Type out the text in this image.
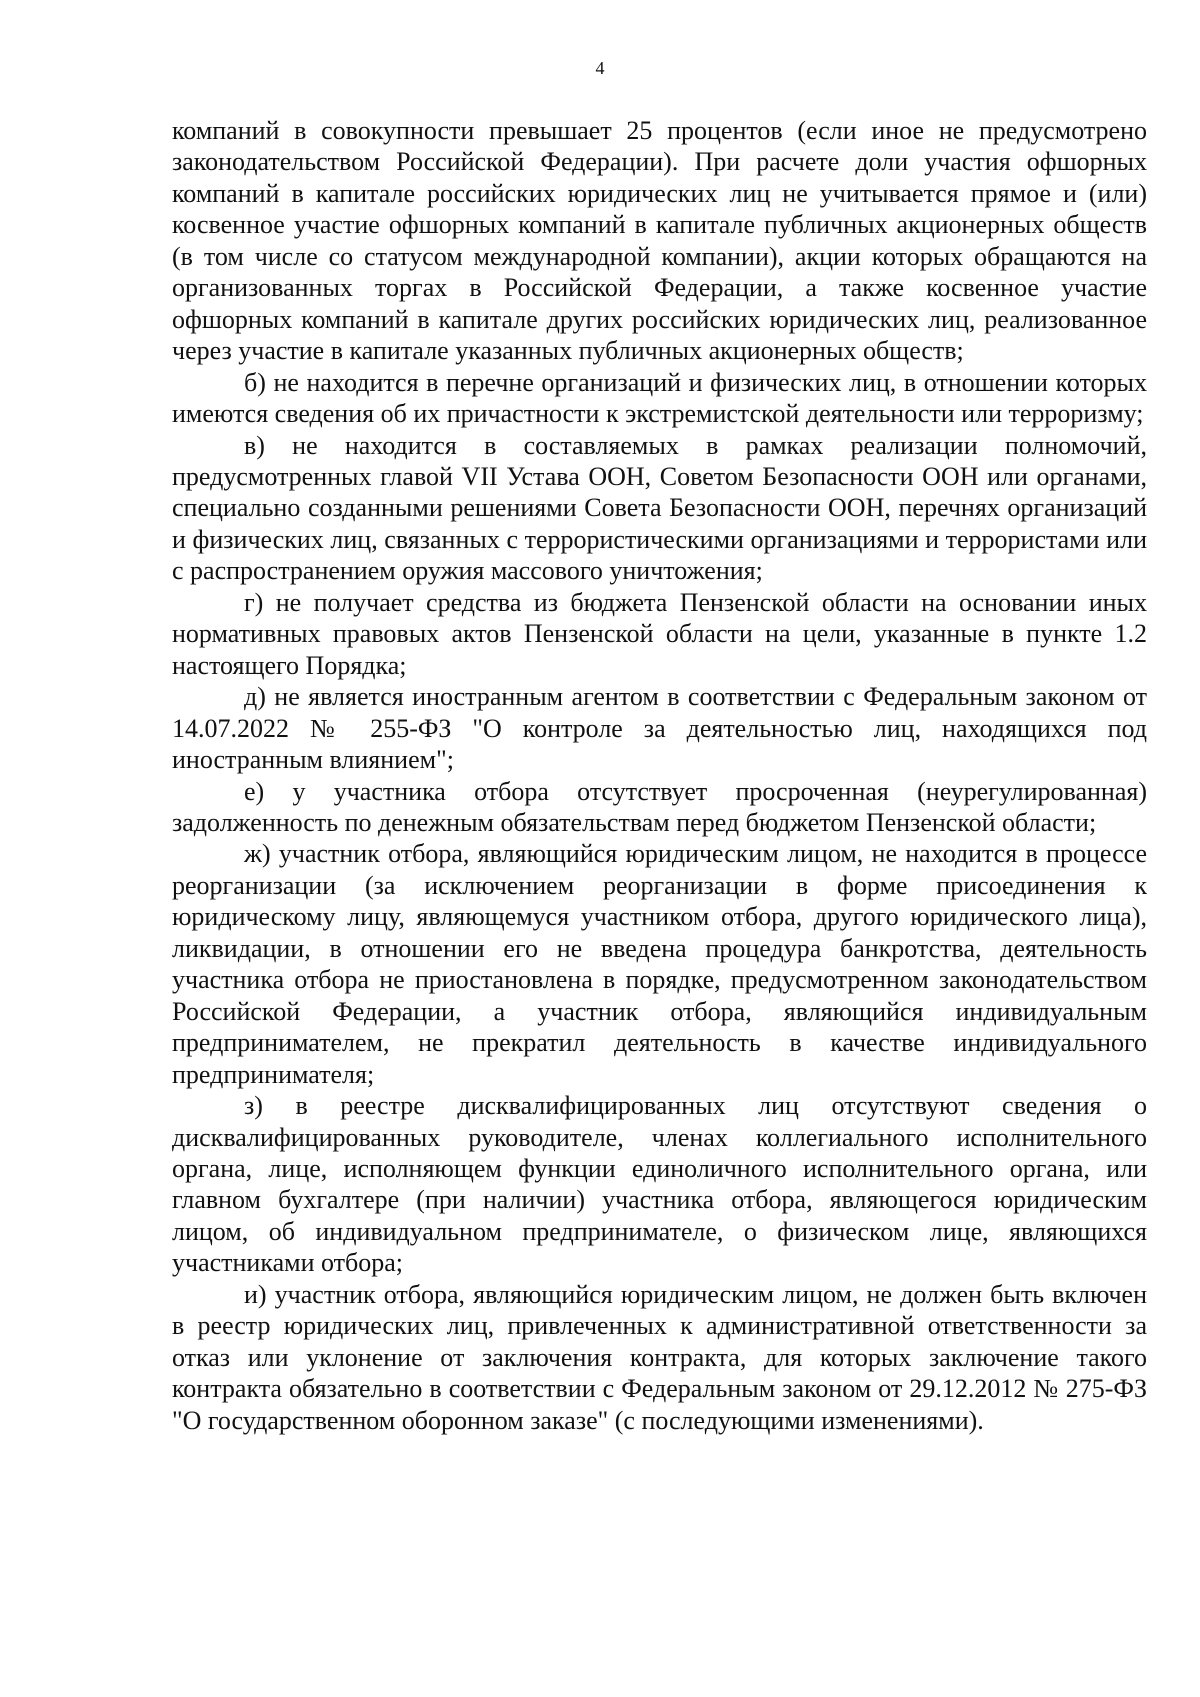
4

компаний в совокупности превышает 25 процентов (если иное не предусмотрено законодательством Российской Федерации). При расчете доли участия офшорных компаний в капитале российских юридических лиц не учитывается прямое и (или) косвенное участие офшорных компаний в капитале публичных акционерных обществ (в том числе со статусом международной компании), акции которых обращаются на организованных торгах в Российской Федерации, а также косвенное участие офшорных компаний в капитале других российских юридических лиц, реализованное через участие в капитале указанных публичных акционерных обществ;

б) не находится в перечне организаций и физических лиц, в отношении которых имеются сведения об их причастности к экстремистской деятельности или терроризму;

в) не находится в составляемых в рамках реализации полномочий, предусмотренных главой VII Устава ООН, Советом Безопасности ООН или органами, специально созданными решениями Совета Безопасности ООН, перечнях организаций и физических лиц, связанных с террористическими организациями и террористами или с распространением оружия массового уничтожения;

г) не получает средства из бюджета Пензенской области на основании иных нормативных правовых актов Пензенской области на цели, указанные в пункте 1.2 настоящего Порядка;

д) не является иностранным агентом в соответствии с Федеральным законом от 14.07.2022 № 255-ФЗ "О контроле за деятельностью лиц, находящихся под иностранным влиянием";

е) у участника отбора отсутствует просроченная (неурегулированная) задолженность по денежным обязательствам перед бюджетом Пензенской области;

ж) участник отбора, являющийся юридическим лицом, не находится в процессе реорганизации (за исключением реорганизации в форме присоединения к юридическому лицу, являющемуся участником отбора, другого юридического лица), ликвидации, в отношении его не введена процедура банкротства, деятельность участника отбора не приостановлена в порядке, предусмотренном законодательством Российской Федерации, а участник отбора, являющийся индивидуальным предпринимателем, не прекратил деятельность в качестве индивидуального предпринимателя;

з) в реестре дисквалифицированных лиц отсутствуют сведения о дисквалифицированных руководителе, членах коллегиального исполнительного органа, лице, исполняющем функции единоличного исполнительного органа, или главном бухгалтере (при наличии) участника отбора, являющегося юридическим лицом, об индивидуальном предпринимателе, о физическом лице, являющихся участниками отбора;

и) участник отбора, являющийся юридическим лицом, не должен быть включен в реестр юридических лиц, привлеченных к административной ответственности за отказ или уклонение от заключения контракта, для которых заключение такого контракта обязательно в соответствии с Федеральным законом от 29.12.2012 № 275-ФЗ "О государственном оборонном заказе" (с последующими изменениями).
